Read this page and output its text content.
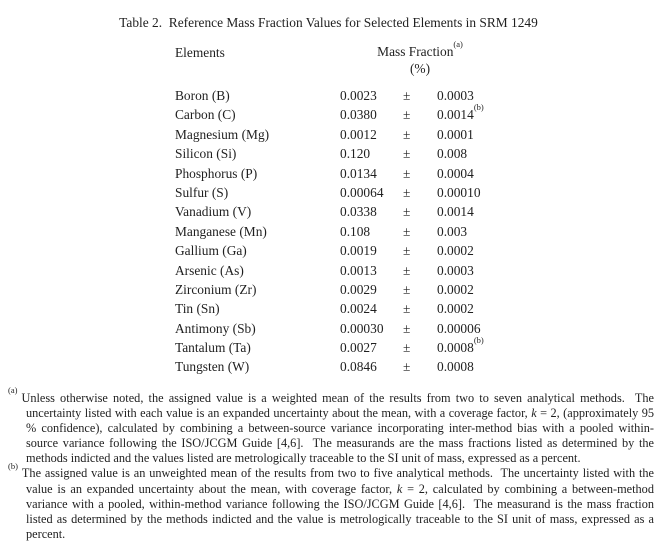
Table 2.  Reference Mass Fraction Values for Selected Elements in SRM 1249
Elements	Mass Fraction$^{(a)}$
(%)
Boron (B)	0.0023	±	0.0003
Carbon (C)	0.0380	±	0.0014$^{(b)}$
Magnesium (Mg)	0.0012	±	0.0001
Silicon (Si)	0.120	±	0.008
Phosphorus (P)	0.0134	±	0.0004
Sulfur (S)	0.00064	±	0.00010
Vanadium (V)	0.0338	±	0.0014
Manganese (Mn)	0.108	±	0.003
Gallium (Ga)	0.0019	±	0.0002
Arsenic (As)	0.0013	±	0.0003
Zirconium (Zr)	0.0029	±	0.0002
Tin (Sn)	0.0024	±	0.0002
Antimony (Sb)	0.00030	±	0.00006
Tantalum (Ta)	0.0027	±	0.0008$^{(b)}$
Tungsten (W)	0.0846	±	0.0008

$^{(a)}$Unless otherwise noted, the assigned value is a weighted mean of the results from two to seven analytical methods.  The uncertainty listed with each value is an expanded uncertainty about the mean, with a coverage factor, k = 2, (approximately 95 % confidence), calculated by combining a between-source variance incorporating inter-method bias with a pooled within-source variance following the ISO/JCGM Guide [4,6].  The measurands are the mass fractions listed as determined by the methods indicted and the values listed are metrologically traceable to the SI unit of mass, expressed as a percent.

$^{(b)}$The assigned value is an unweighted mean of the results from two to five analytical methods.  The uncertainty listed with the value is an expanded uncertainty about the mean, with coverage factor, k = 2, calculated by combining a between-method variance with a pooled, within-method variance following the ISO/JCGM Guide [4,6].  The measurand is the mass fraction listed as determined by the methods indicted and the value is metrologically traceable to the SI unit of mass, expressed as a percent.
